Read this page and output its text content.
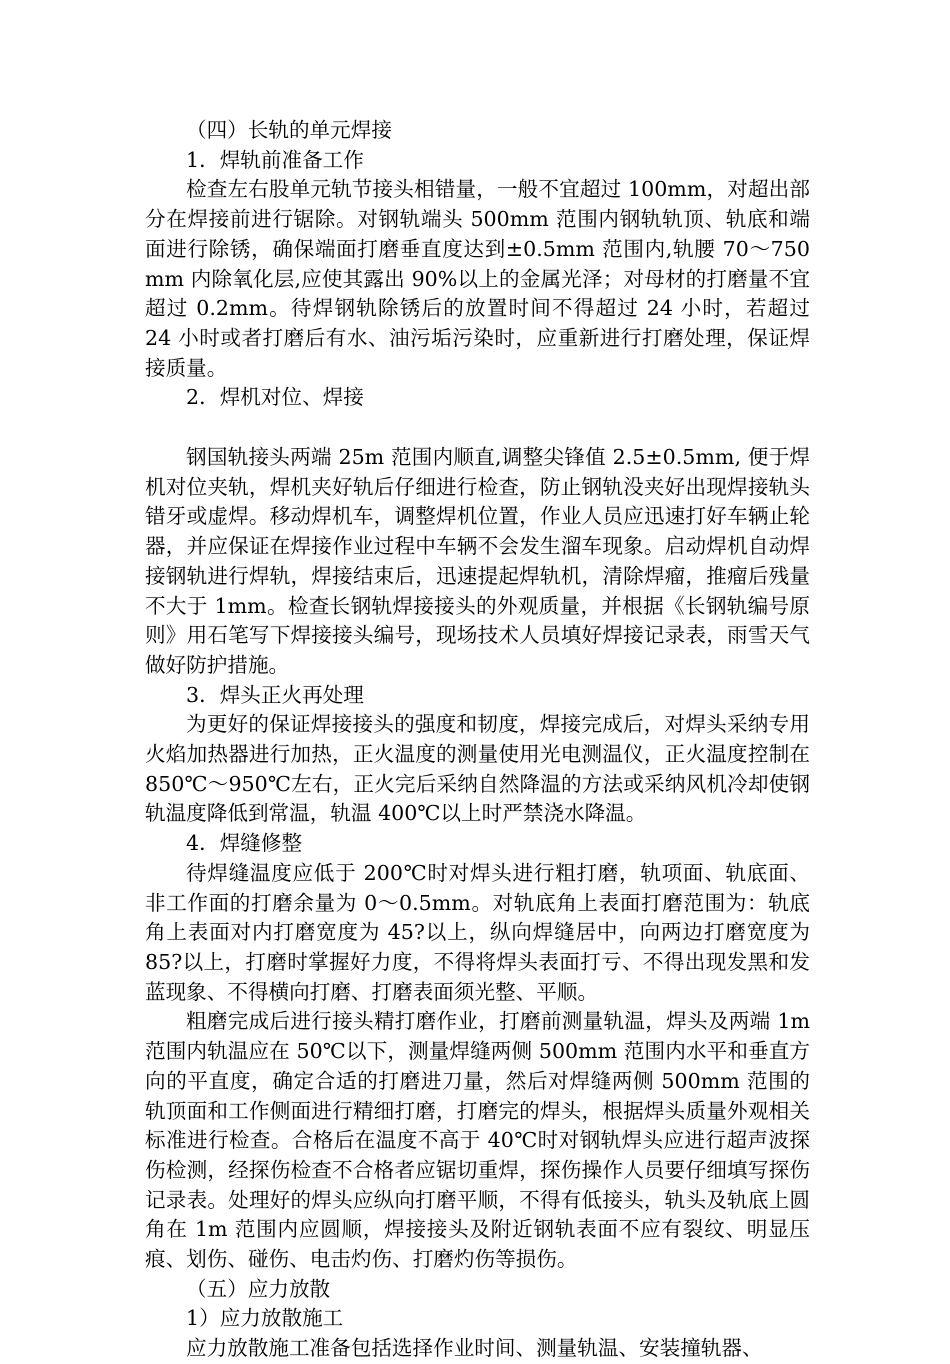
（四）长轨的单元焊接

1．焊轨前准备工作

检查左右股单元轨节接头相错量，一般不宜超过 100mm，对超出部分在焊接前进行锯除。对钢轨端头 500mm 范围内钢轨轨顶、轨底和端面进行除锈，确保端面打磨垂直度达到±0.5mm 范围内,轨腰 70～750 mm 内除氧化层,应使其露出 90%以上的金属光泽；对母材的打磨量不宜超过 0.2mm。待焊钢轨除锈后的放置时间不得超过 24 小时，若超过 24 小时或者打磨后有水、油污垢污染时，应重新进行打磨处理，保证焊接质量。

2．焊机对位、焊接

钢国轨接头两端 25m 范围内顺直,调整尖锋值 2.5±0.5mm, 便于焊机对位夹轨，焊机夹好轨后仔细进行检查，防止钢轨没夹好出现焊接轨头错牙或虚焊。移动焊机车，调整焊机位置，作业人员应迅速打好车辆止轮器，并应保证在焊接作业过程中车辆不会发生溜车现象。启动焊机自动焊接钢轨进行焊轨，焊接结束后，迅速提起焊轨机，清除焊瘤，推瘤后残量不大于 1mm。检查长钢轨焊接接头的外观质量，并根据《长钢轨编号原则》用石笔写下焊接接头编号，现场技术人员填好焊接记录表，雨雪天气做好防护措施。

3．焊头正火再处理

为更好的保证焊接接头的强度和韧度，焊接完成后，对焊头采纳专用火焰加热器进行加热，正火温度的测量使用光电测温仪，正火温度控制在 850℃～950℃左右，正火完后采纳自然降温的方法或采纳风机冷却使钢轨温度降低到常温，轨温 400℃以上时严禁浇水降温。

4．焊缝修整

待焊缝温度应低于 200℃时对焊头进行粗打磨，轨项面、轨底面、非工作面的打磨余量为 0～0.5mm。对轨底角上表面打磨范围为：轨底角上表面对内打磨宽度为 45?以上，纵向焊缝居中，向两边打磨宽度为 85?以上，打磨时掌握好力度，不得将焊头表面打亏、不得出现发黑和发蓝现象、不得横向打磨、打磨表面须光整、平顺。

粗磨完成后进行接头精打磨作业，打磨前测量轨温，焊头及两端 1m 范围内轨温应在 50℃以下，测量焊缝两侧 500mm 范围内水平和垂直方向的平直度，确定合适的打磨进刀量，然后对焊缝两侧 500mm 范围的轨顶面和工作侧面进行精细打磨，打磨完的焊头，根据焊头质量外观相关标准进行检查。合格后在温度不高于 40℃时对钢轨焊头应进行超声波探伤检测，经探伤检查不合格者应锯切重焊，探伤操作人员要仔细填写探伤记录表。处理好的焊头应纵向打磨平顺，不得有低接头，轨头及轨底上圆角在 1m 范围内应圆顺，焊接接头及附近钢轨表面不应有裂纹、明显压痕、划伤、碰伤、电击灼伤、打磨灼伤等损伤。

（五）应力放散

1）应力放散施工

应力放散施工准备包括选择作业时间、测量轨温、安装撞轨器、
